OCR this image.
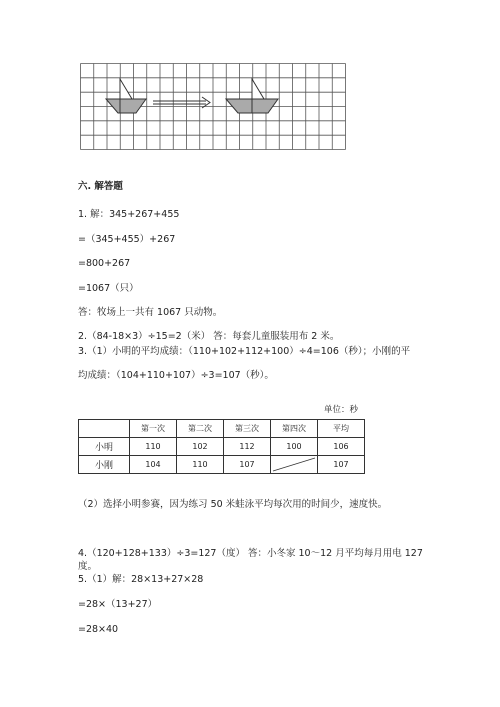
六. 解答题
1. 解：345+267+455
=（345+455）+267
=800+267
=1067（只）
答：牧场上一共有 1067 只动物。
2.（84-18×3）÷15=2（米） 答：每套儿童服装用布 2 米。
3.（1）小明的平均成绩：（110+102+112+100）÷4=106（秒）；小刚的平
均成绩：（104+110+107）÷3=107（秒）。
单位：秒
	第一次	第二次	第三次	第四次	平均
小明	110	102	112	100	106
小刚	104	110	107		107
（2）选择小明参赛，因为练习 50 米蛙泳平均每次用的时间少，速度快。
4.（120+128+133）÷3=127（度） 答：小冬家 10～12 月平均每月用电 127
度。
5.（1）解：28×13+27×28
=28×（13+27）
=28×40
